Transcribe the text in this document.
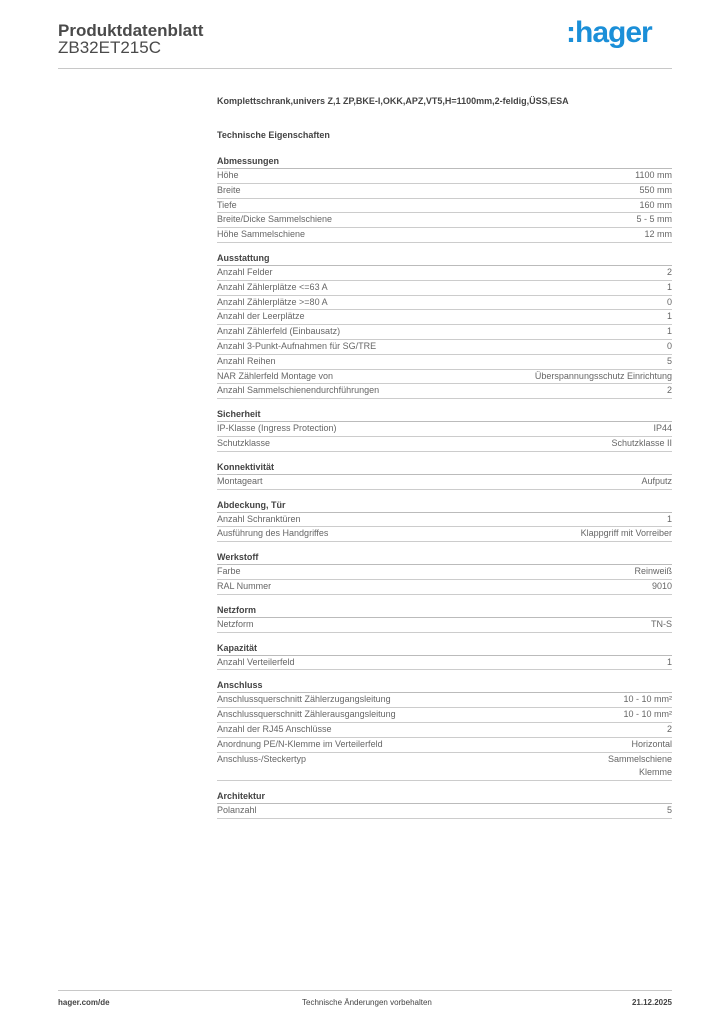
Produktdatenblatt
ZB32ET215C	:hager
Komplettschrank,univers Z,1 ZP,BKE-I,OKK,APZ,VT5,H=1100mm,2-feldig,ÜSS,ESA
Technische Eigenschaften
Abmessungen
Höhe	1100 mm
Breite	550 mm
Tiefe	160 mm
Breite/Dicke Sammelschiene	5 - 5 mm
Höhe Sammelschiene	12 mm
Ausstattung
Anzahl Felder	2
Anzahl Zählerplätze <=63 A	1
Anzahl Zählerplätze >=80 A	0
Anzahl der Leerplätze	1
Anzahl Zählerfeld (Einbausatz)	1
Anzahl 3-Punkt-Aufnahmen für SG/TRE	0
Anzahl Reihen	5
NAR Zählerfeld Montage von	Überspannungsschutz Einrichtung
Anzahl Sammelschienendurchführungen	2
Sicherheit
IP-Klasse (Ingress Protection)	IP44
Schutzklasse	Schutzklasse II
Konnektivität
Montageart	Aufputz
Abdeckung, Tür
Anzahl Schranktüren	1
Ausführung des Handgriffes	Klappgriff mit Vorreiber
Werkstoff
Farbe	Reinweiß
RAL Nummer	9010
Netzform
Netzform	TN-S
Kapazität
Anzahl Verteilerfeld	1
Anschluss
Anschlussquerschnitt Zählerzugangsleitung	10 - 10 mm²
Anschlussquerschnitt Zählerausgangsleitung	10 - 10 mm²
Anzahl der RJ45 Anschlüsse	2
Anordnung PE/N-Klemme im Verteilerfeld	Horizontal
Anschluss-/Steckertyp	Sammelschiene
Klemme
Architektur
Polanzahl	5
hager.com/de	Technische Änderungen vorbehalten	21.12.2025
